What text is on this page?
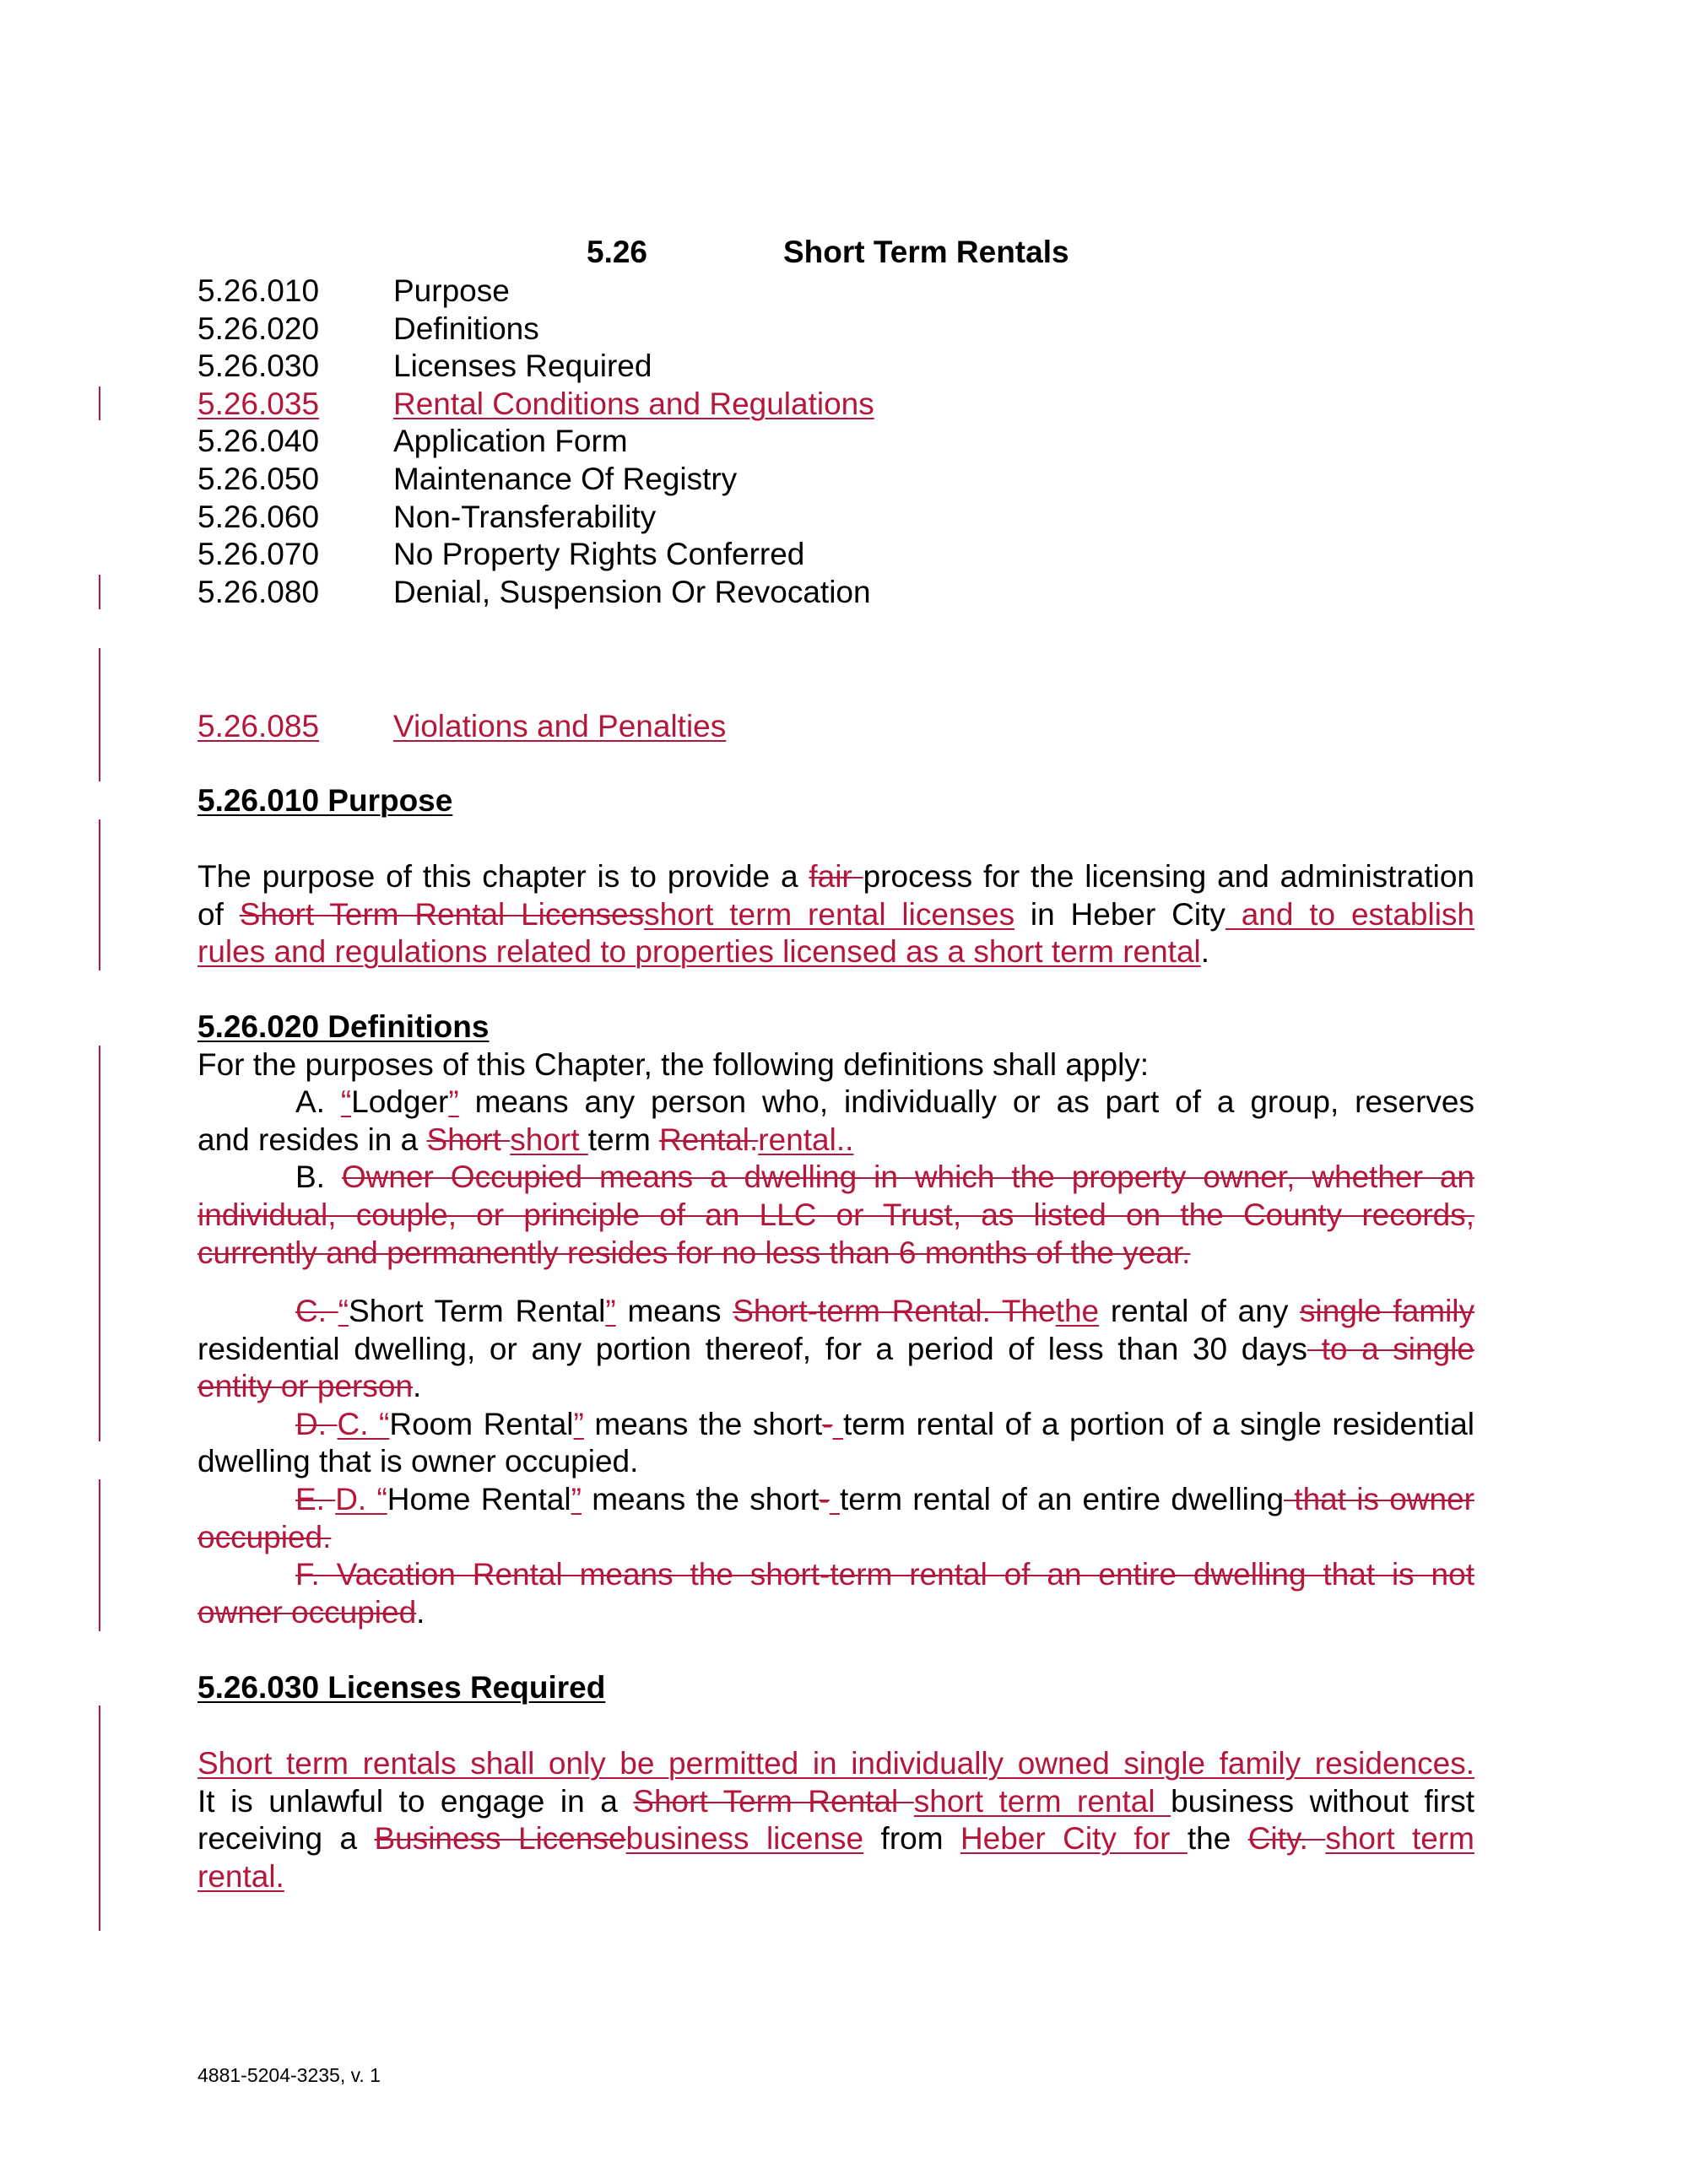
5.26	Short Term Rentals
5.26.010 Purpose
5.26.020 Definitions
5.26.030 Licenses Required
5.26.035	Rental Conditions and Regulations
5.26.040 Application Form
5.26.050 Maintenance Of Registry
5.26.060 Non-Transferability
5.26.070 No Property Rights Conferred
5.26.080 Denial, Suspension Or Revocation
5.26.085	Violations and Penalties
5.26.010 Purpose
The purpose of this chapter is to provide a fair process for the licensing and administration
of Short Term Rental Licensesshort term rental licenses in Heber City and to establish
rules and regulations related to properties licensed as a short term rental.
5.26.020 Definitions
For the purposes of this Chapter, the following definitions shall apply:
A. “Lodger” means any person who, individually or as part of a group, reserves
and resides in a Short short term Rental.rental..
B. Owner Occupied means a dwelling in which the property owner, whether an
individual, couple, or principle of an LLC or Trust, as listed on the County records,
currently and permanently resides for no less than 6 months of the year.
C. “Short Term Rental” means Short-term Rental. Thethe rental of any single family
residential dwelling, or any portion thereof, for a period of less than 30 days to a single
entity or person.
D. C. “Room Rental” means the short- term rental of a portion of a single residential
dwelling that is owner occupied.
E. D. “Home Rental” means the short- term rental of an entire dwelling that is owner
occupied.
F. Vacation Rental means the short-term rental of an entire dwelling that is not
owner occupied.
5.26.030 Licenses Required
Short term rentals shall only be permitted in individually owned single family residences.
It is unlawful to engage in a Short Term Rental short term rental business without first
receiving a Business Licensebusiness license from Heber City for the City. short term
rental.
4881-5204-3235, v. 1
